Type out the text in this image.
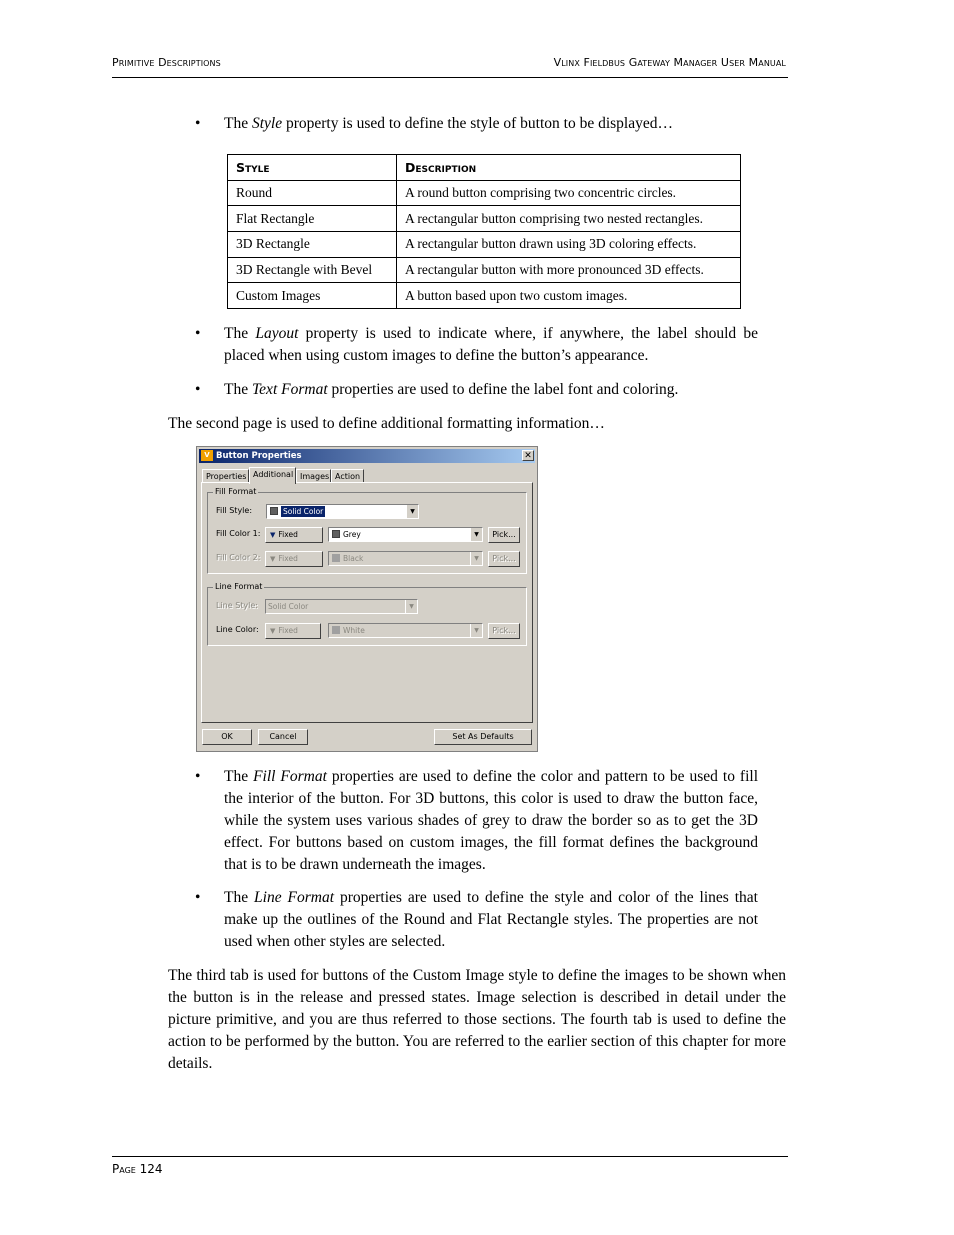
Primitive Descriptions	Vlinx Fieldbus Gateway Manager User Manual
• The Style property is used to define the style of button to be displayed…
Style	Description
Round	A round button comprising two concentric circles.
Flat Rectangle	A rectangular button comprising two nested rectangles.
3D Rectangle	A rectangular button drawn using 3D coloring effects.
3D Rectangle with Bevel	A rectangular button with more pronounced 3D effects.
Custom Images	A button based upon two custom images.
• The Layout property is used to indicate where, if anywhere, the label should be placed when using custom images to define the button’s appearance.
• The Text Format properties are used to define the label font and coloring.
The second page is used to define additional formatting information…
V Button Properties	✕
Properties Additional Images Action
Fill Format
Fill Style:	Solid Color	▼
Fill Color 1:	▼ Fixed	Grey	▼	Pick...
Fill Color 2:	▼ Fixed	Black	▼	Pick...
Line Format
Line Style:	Solid Color	▼
Line Color:	▼ Fixed	White	▼	Pick...
OK	Cancel	Set As Defaults
• The Fill Format properties are used to define the color and pattern to be used to fill the interior of the button. For 3D buttons, this color is used to draw the button face, while the system uses various shades of grey to draw the border so as to get the 3D effect. For buttons based on custom images, the fill format defines the background that is to be drawn underneath the images.
• The Line Format properties are used to define the style and color of the lines that make up the outlines of the Round and Flat Rectangle styles. The properties are not used when other styles are selected.
The third tab is used for buttons of the Custom Image style to define the images to be shown when the button is in the release and pressed states. Image selection is described in detail under the picture primitive, and you are thus referred to those sections. The fourth tab is used to define the action to be performed by the button. You are referred to the earlier section of this chapter for more details.
Page 124
